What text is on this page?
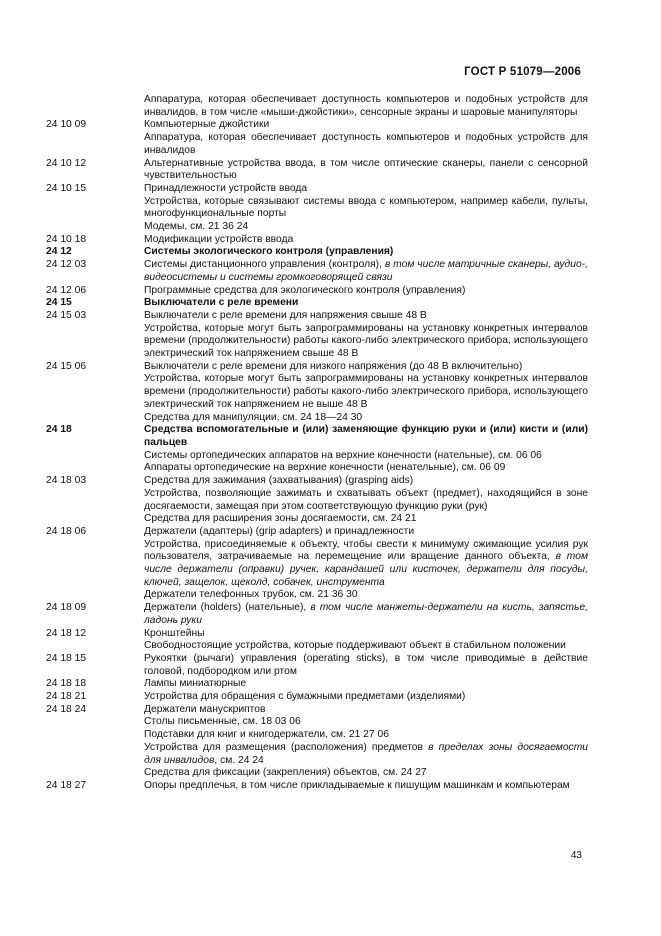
ГОСТ Р 51079—2006
Аппаратура, которая обеспечивает доступность компьютеров и подобных устройств для инвалидов, в том числе «мыши-джойстики», сенсорные экраны и шаровые манипуляторы
24 10 09	Компьютерные джойстики
Аппаратура, которая обеспечивает доступность компьютеров и подобных устройств для инвалидов
24 10 12	Альтернативные устройства ввода, в том числе оптические сканеры, панели с сенсорной чувствительностью
24 10 15	Принадлежности устройств ввода
Устройства, которые связывают системы ввода с компьютером, например кабели, пульты, многофункциональные порты
Модемы, см. 21 36 24
24 10 18	Модификации устройств ввода
24 12	Системы экологического контроля (управления)
24 12 03	Системы дистанционного управления (контроля), в том числе матричные сканеры, аудио-, видеосистемы и системы громкоговорящей связи
24 12 06	Программные средства для экологического контроля (управления)
24 15	Выключатели с реле времени
24 15 03	Выключатели с реле времени для напряжения свыше 48 В
Устройства, которые могут быть запрограммированы на установку конкретных интервалов времени (продолжительности) работы какого-либо электрического прибора, использующего электрический ток напряжением свыше 48 В
24 15 06	Выключатели с реле времени для низкого напряжения (до 48 В включительно)
Устройства, которые могут быть запрограммированы на установку конкретных интервалов времени (продолжительности) работы какого-либо электрического прибора, использующего электрический ток напряжением не выше 48 В
Средства для манипуляции, см. 24 18—24 30
24 18	Средства вспомогательные и (или) заменяющие функцию руки и (или) кисти и (или) пальцев
Системы ортопедических аппаратов на верхние конечности (нательные), см. 06 06
Аппараты ортопедические на верхние конечности (ненательные), см. 06 09
24 18 03	Средства для зажимания (захватывания) (grasping aids)
Устройства, позволяющие зажимать и схватывать объект (предмет), находящийся в зоне досягаемости, замещая при этом соответствующую функцию руки (рук)
Средства для расширения зоны досягаемости, см. 24 21
24 18 06	Держатели (адаптеры) (grip adapters) и принадлежности
Устройства, присоединяемые к объекту, чтобы свести к минимуму сжимающие усилия рук пользователя, затрачиваемые на перемещение или вращение данного объекта, в том числе держатели (оправки) ручек, карандашей или кисточек, держатели для посуды, ключей, защелок, щеколд, собачек, инструмента
Держатели телефонных трубок, см. 21 36 30
24 18 09	Держатели (holders) (нательные), в том числе манжеты-держатели на кисть, запястье, ладонь руки
24 18 12	Кронштейны
Свободностоящие устройства, которые поддерживают объект в стабильном положении
24 18 15	Рукоятки (рычаги) управления (operating sticks), в том числе приводимые в действие головой, подбородком или ртом
24 18 18	Лампы миниатюрные
24 18 21	Устройства для обращения с бумажными предметами (изделиями)
24 18 24	Держатели манускриптов
Столы письменные, см. 18 03 06
Подставки для книг и книгодержатели, см. 21 27 06
Устройства для размещения (расположения) предметов в пределах зоны досягаемости для инвалидов, см. 24 24
Средства для фиксации (закрепления) объектов, см. 24 27
24 18 27	Опоры предплечья, в том числе прикладываемые к пишущим машинкам и компьютерам
43
